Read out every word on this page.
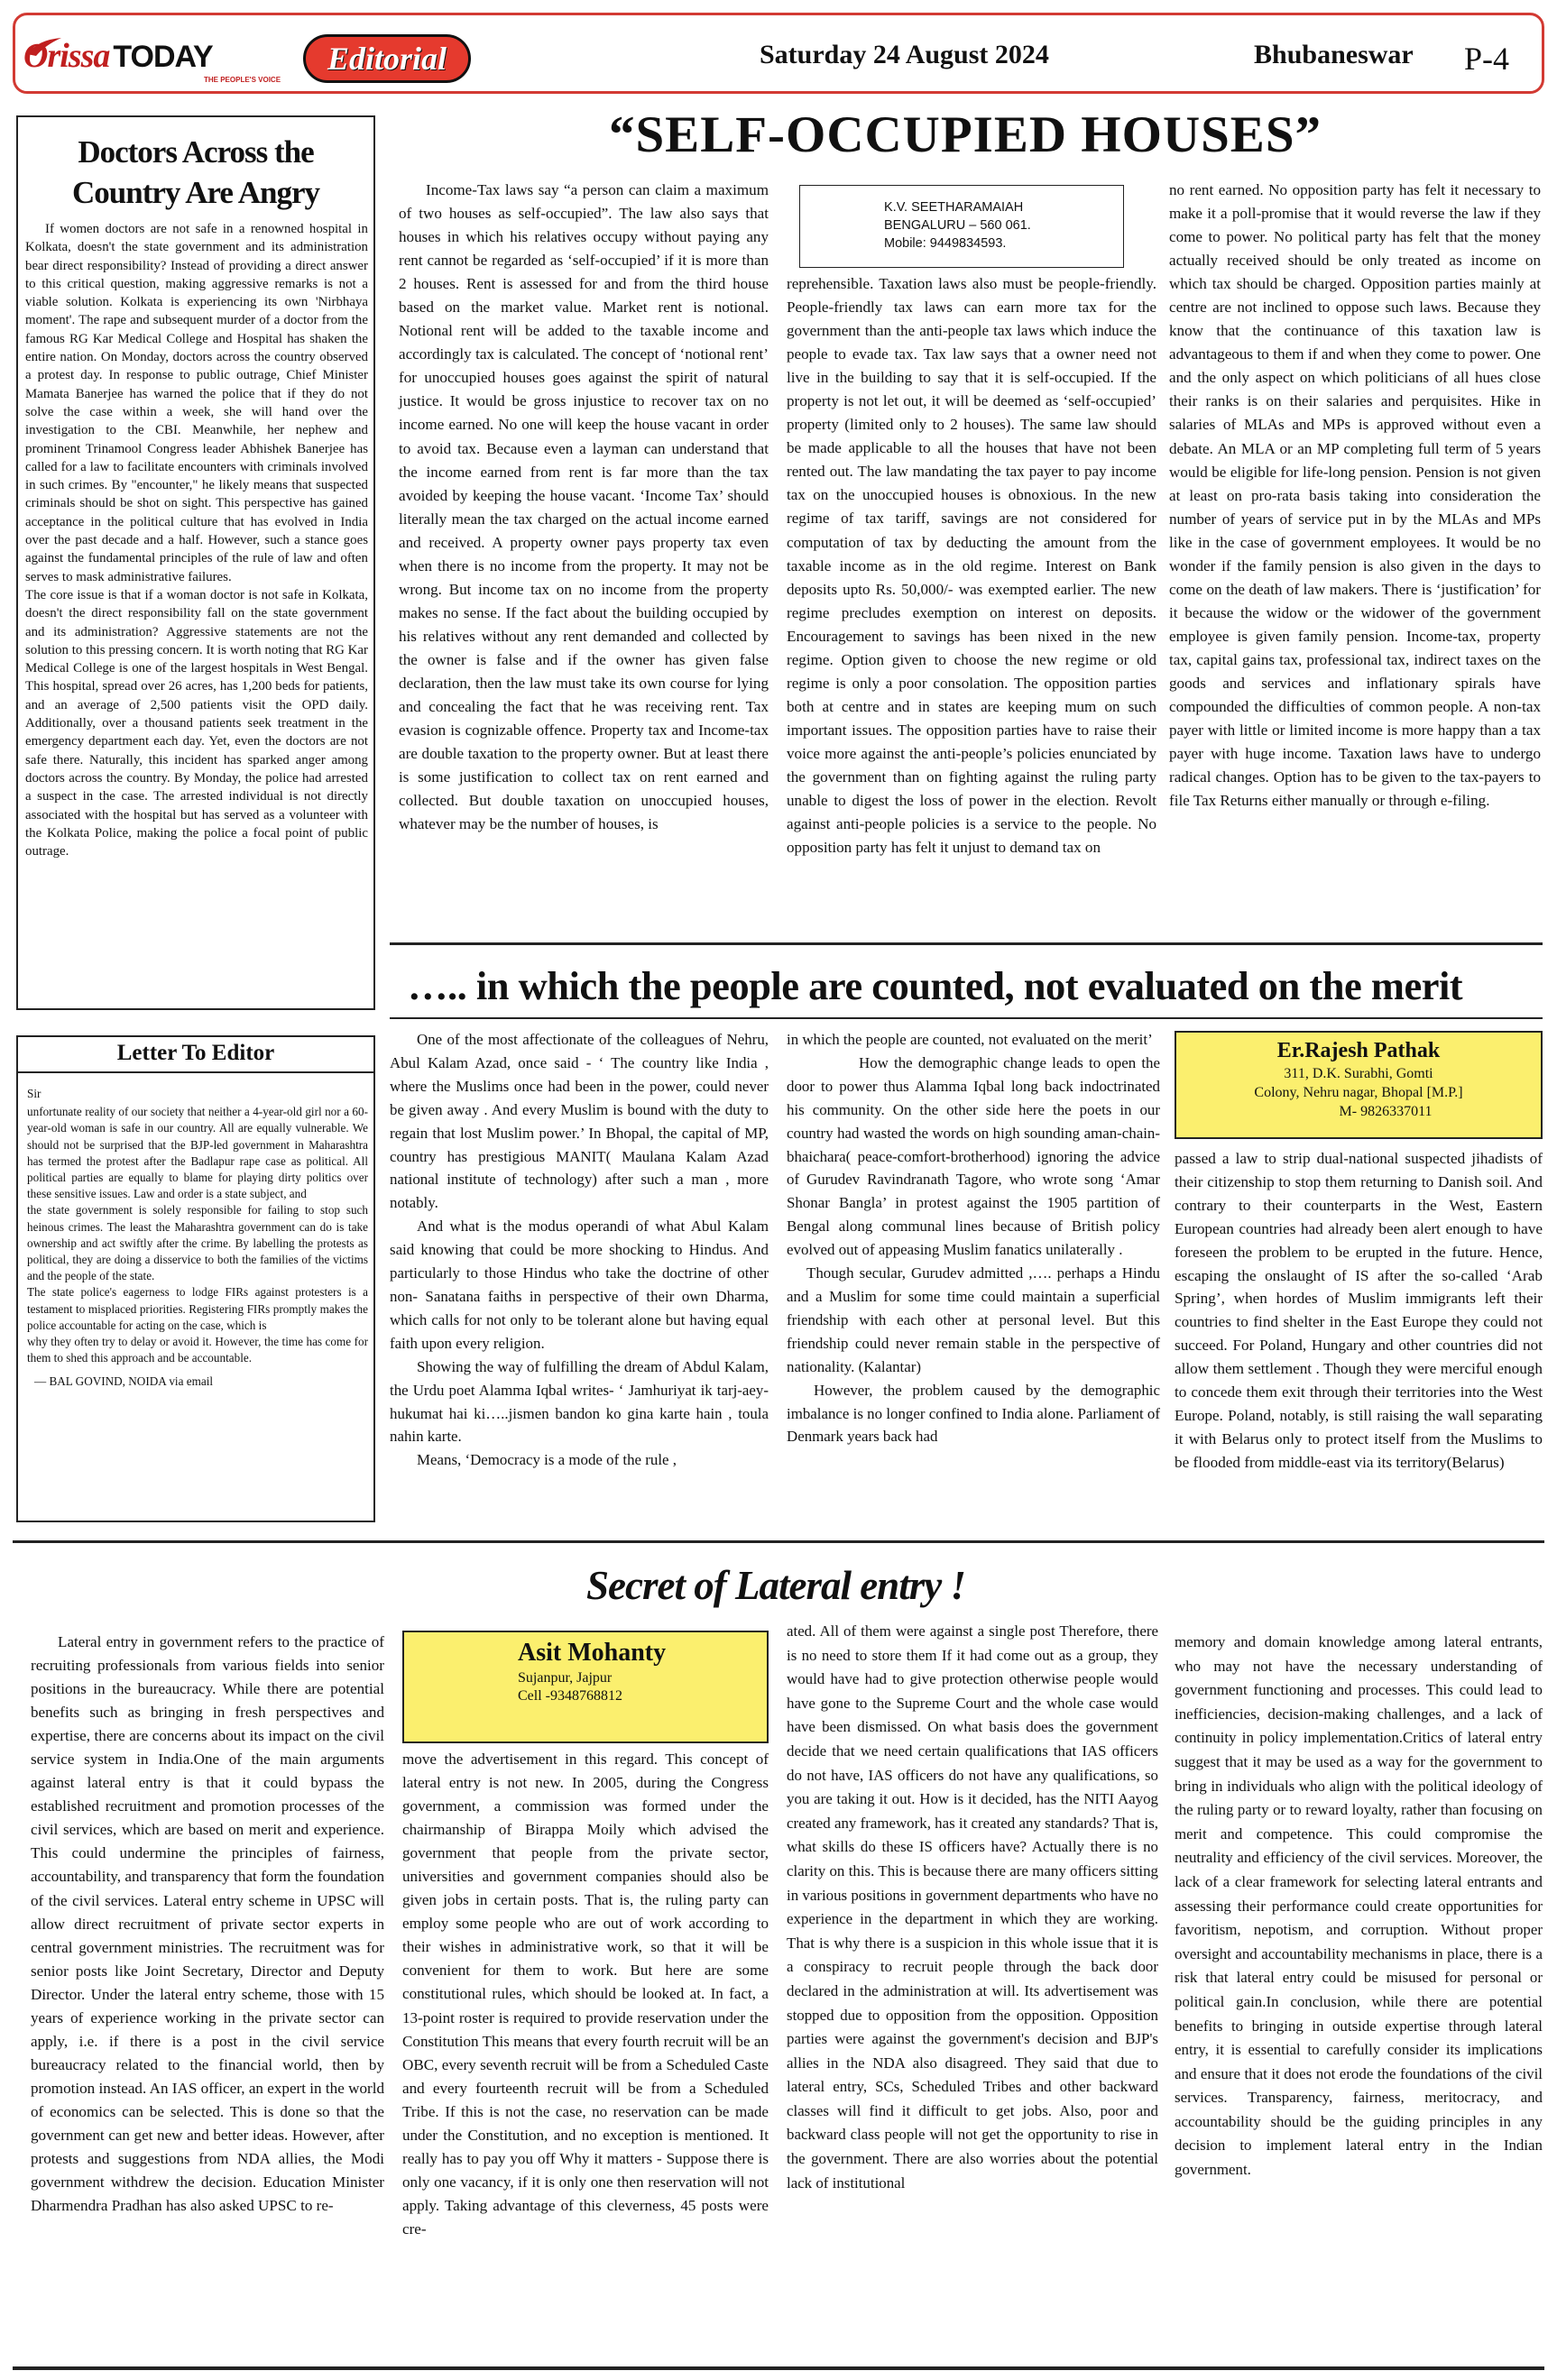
Orissa TODAY
THE PEOPLE'S VOICE
Editorial	Saturday 24 August 2024	Bhubaneswar P-4
Doctors Across the
Country Are Angry

If women doctors are not safe in a renowned hospital in Kolkata, doesn't the state government and its administration bear direct responsibility? Instead of providing a direct answer to this critical question, making aggressive remarks is not a viable solution. Kolkata is experiencing its own 'Nirbhaya moment'. The rape and subsequent murder of a doctor from the famous RG Kar Medical College and Hospital has shaken the entire nation. On Monday, doctors across the country observed a protest day. In response to public outrage, Chief Minister Mamata Banerjee has warned the police that if they do not solve the case within a week, she will hand over the investigation to the CBI. Meanwhile, her nephew and prominent Trinamool Congress leader Abhishek Banerjee has called for a law to facilitate encounters with criminals involved in such crimes. By "encounter," he likely means that suspected criminals should be shot on sight. This perspective has gained acceptance in the political culture that has evolved in India over the past decade and a half. However, such a stance goes against the fundamental principles of the rule of law and often serves to mask administrative failures.

The core issue is that if a woman doctor is not safe in Kolkata, doesn't the direct responsibility fall on the state government and its administration? Aggressive statements are not the solution to this pressing concern. It is worth noting that RG Kar Medical College is one of the largest hospitals in West Bengal. This hospital, spread over 26 acres, has 1,200 beds for patients, and an average of 2,500 patients visit the OPD daily. Additionally, over a thousand patients seek treatment in the emergency department each day. Yet, even the doctors are not safe there. Naturally, this incident has sparked anger among doctors across the country. By Monday, the police had arrested a suspect in the case. The arrested individual is not directly associated with the hospital but has served as a volunteer with the Kolkata Police, making the police a focal point of public outrage.

Letter To Editor

Sir

unfortunate reality of our society that neither a 4-year-old girl nor a 60-year-old woman is safe in our country. All are equally vulnerable. We should not be surprised that the BJP-led government in Maharashtra has termed the protest after the Badlapur rape case as political. All political parties are equally to blame for playing dirty politics over these sensitive issues. Law and order is a state subject, and

the state government is solely responsible for failing to stop such heinous crimes. The least the Maharashtra government can do is take ownership and act swiftly after the crime. By labelling the protests as political, they are doing a disservice to both the families of the victims and the people of the state.

The state police's eagerness to lodge FIRs against protesters is a testament to misplaced priorities. Registering FIRs promptly makes the police accountable for acting on the case, which is

why they often try to delay or avoid it. However, the time has come for them to shed this approach and be accountable.

— BAL GOVIND, NOIDA via email

“SELF-OCCUPIED HOUSES”

Income-Tax laws say “a person can claim a maximum of two houses as self-occupied”. The law also says that houses in which his relatives occupy without paying any rent cannot be regarded as ‘self-occupied’ if it is more than 2 houses. Rent is assessed for and from the third house based on the market value. Market rent is notional. Notional rent will be added to the taxable income and accordingly tax is calculated. The concept of ‘notional rent’ for unoccupied houses goes against the spirit of natural justice. It would be gross injustice to recover tax on no income earned. No one will keep the house vacant in order to avoid tax. Because even a layman can understand that the income earned from rent is far more than the tax avoided by keeping the house vacant. ‘Income Tax’ should literally mean the tax charged on the actual income earned and received. A property owner pays property tax even when there is no income from the property. It may not be wrong. But income tax on no income from the property makes no sense. If the fact about the building occupied by his relatives without any rent demanded and collected by the owner is false and if the owner has given false declaration, then the law must take its own course for lying and concealing the fact that he was receiving rent. Tax evasion is cognizable offence. Property tax and Income-tax are double taxation to the property owner. But at least there is some justification to collect tax on rent earned and collected. But double taxation on unoccupied houses, whatever may be the number of houses, is

K.V. SEETHARAMAIAH
BENGALURU – 560 061.
Mobile: 9449834593.

reprehensible. Taxation laws also must be people-friendly. People-friendly tax laws can earn more tax for the government than the anti-people tax laws which induce the people to evade tax. Tax law says that a owner need not live in the building to say that it is self-occupied. If the property is not let out, it will be deemed as ‘self-occupied’ property (limited only to 2 houses). The same law should be made applicable to all the houses that have not been rented out. The law mandating the tax payer to pay income tax on the unoccupied houses is obnoxious. In the new regime of tax tariff, savings are not considered for computation of tax by deducting the amount from the taxable income as in the old regime. Interest on Bank deposits upto Rs. 50,000/- was exempted earlier. The new regime precludes exemption on interest on deposits. Encouragement to savings has been nixed in the new regime. Option given to choose the new regime or old regime is only a poor consolation. The opposition parties both at centre and in states are keeping mum on such important issues. The opposition parties have to raise their voice more against the anti-people’s policies enunciated by the government than on fighting against the ruling party unable to digest the loss of power in the election. Revolt against anti-people policies is a service to the people. No opposition party has felt it unjust to demand tax on

no rent earned. No opposition party has felt it necessary to make it a poll-promise that it would reverse the law if they come to power. No political party has felt that the money actually received should be only treated as income on which tax should be charged. Opposition parties mainly at centre are not inclined to oppose such laws. Because they know that the continuance of this taxation law is advantageous to them if and when they come to power. One and the only aspect on which politicians of all hues close their ranks is on their salaries and perquisites. Hike in salaries of MLAs and MPs is approved without even a debate. An MLA or an MP completing full term of 5 years would be eligible for life-long pension. Pension is not given at least on pro-rata basis taking into consideration the number of years of service put in by the MLAs and MPs like in the case of government employees. It would be no wonder if the family pension is also given in the days to come on the death of law makers. There is ‘justification’ for it because the widow or the widower of the government employee is given family pension. Income-tax, property tax, capital gains tax, professional tax, indirect taxes on the goods and services and inflationary spirals have compounded the difficulties of common people. A non-tax payer with little or limited income is more happy than a tax payer with huge income. Taxation laws have to undergo radical changes. Option has to be given to the tax-payers to file Tax Returns either manually or through e-filing.

….. in which the people are counted, not evaluated on the merit

One of the most affectionate of the colleagues of Nehru, Abul Kalam Azad, once said - ‘ The country like India , where the Muslims once had been in the power, could never be given away . And every Muslim is bound with the duty to regain that lost Muslim power.’ In Bhopal, the capital of MP, country has prestigious MANIT( Maulana Kalam Azad national institute of technology) after such a man , more notably.

And what is the modus operandi of what Abul Kalam said knowing that could be more shocking to Hindus. And particularly to those Hindus who take the doctrine of other non- Sanatana faiths in perspective of their own Dharma, which calls for not only to be tolerant alone but having equal faith upon every religion.

Showing the way of fulfilling the dream of Abdul Kalam, the Urdu poet Alamma Iqbal writes- ‘ Jamhuriyat ik tarj-aey-hukumat hai ki…..jismen bandon ko gina karte hain , toula nahin karte.

Means, ‘Democracy is a mode of the rule ,

in which the people are counted, not evaluated on the merit’

How the demographic change leads to open the door to power thus Alamma Iqbal long back indoctrinated his community. On the other side here the poets in our country had wasted the words on high sounding aman-chain-bhaichara( peace-comfort-brotherhood) ignoring the advice of Gurudev Ravindranath Tagore, who wrote song ‘Amar Shonar Bangla’ in protest against the 1905 partition of Bengal along communal lines because of British policy evolved out of appeasing Muslim fanatics unilaterally .

Though secular, Gurudev admitted ,…. perhaps a Hindu and a Muslim for some time could maintain a superficial friendship with each other at personal level. But this friendship could never remain stable in the perspective of nationality. (Kalantar)

However, the problem caused by the demographic imbalance is no longer confined to India alone. Parliament of Denmark years back had

Er.Rajesh Pathak
311, D.K. Surabhi, Gomti
Colony, Nehru nagar, Bhopal [M.P.]
M- 9826337011

passed a law to strip dual-national suspected jihadists of their citizenship to stop them returning to Danish soil. And contrary to their counterparts in the West, Eastern European countries had already been alert enough to have foreseen the problem to be erupted in the future. Hence, escaping the onslaught of IS after the so-called ‘Arab Spring’, when hordes of Muslim immigrants left their countries to find shelter in the East Europe they could not succeed. For Poland, Hungary and other countries did not allow them settlement . Though they were merciful enough to concede them exit through their territories into the West Europe. Poland, notably, is still raising the wall separating it with Belarus only to protect itself from the Muslims to be flooded from middle-east via its territory(Belarus)

Secret of Lateral entry !

Lateral entry in government refers to the practice of recruiting professionals from various fields into senior positions in the bureaucracy. While there are potential benefits such as bringing in fresh perspectives and expertise, there are concerns about its impact on the civil service system in India.One of the main arguments against lateral entry is that it could bypass the established recruitment and promotion processes of the civil services, which are based on merit and experience. This could undermine the principles of fairness, accountability, and transparency that form the foundation of the civil services. Lateral entry scheme in UPSC will allow direct recruitment of private sector experts in central government ministries. The recruitment was for senior posts like Joint Secretary, Director and Deputy Director. Under the lateral entry scheme, those with 15 years of experience working in the private sector can apply, i.e. if there is a post in the civil service bureaucracy related to the financial world, then by promotion instead. An IAS officer, an expert in the world of economics can be selected. This is done so that the government can get new and better ideas. However, after protests and suggestions from NDA allies, the Modi government withdrew the decision. Education Minister Dharmendra Pradhan has also asked UPSC to re-

Asit Mohanty
Sujanpur, Jajpur
Cell -9348768812

move the advertisement in this regard. This concept of lateral entry is not new. In 2005, during the Congress government, a commission was formed under the chairmanship of Birappa Moily which advised the government that people from the private sector, universities and government companies should also be given jobs in certain posts. That is, the ruling party can employ some people who are out of work according to their wishes in administrative work, so that it will be convenient for them to work. But here are some constitutional rules, which should be looked at. In fact, a 13-point roster is required to provide reservation under the Constitution This means that every fourth recruit will be an OBC, every seventh recruit will be from a Scheduled Caste and every fourteenth recruit will be from a Scheduled Tribe. If this is not the case, no reservation can be made under the Constitution, and no exception is mentioned. It really has to pay you off Why it matters - Suppose there is only one vacancy, if it is only one then reservation will not apply. Taking advantage of this cleverness, 45 posts were cre-

ated. All of them were against a single post Therefore, there is no need to store them If it had come out as a group, they would have had to give protection otherwise people would have gone to the Supreme Court and the whole case would have been dismissed. On what basis does the government decide that we need certain qualifications that IAS officers do not have, IAS officers do not have any qualifications, so you are taking it out. How is it decided, has the NITI Aayog created any framework, has it created any standards? That is, what skills do these IS officers have? Actually there is no clarity on this. This is because there are many officers sitting in various positions in government departments who have no experience in the department in which they are working. That is why there is a suspicion in this whole issue that it is a conspiracy to recruit people through the back door declared in the administration at will. Its advertisement was stopped due to opposition from the opposition. Opposition parties were against the government's decision and BJP's allies in the NDA also disagreed. They said that due to lateral entry, SCs, Scheduled Tribes and other backward classes will find it difficult to get jobs. Also, poor and backward class people will not get the opportunity to rise in the government. There are also worries about the potential lack of institutional

memory and domain knowledge among lateral entrants, who may not have the necessary understanding of government functioning and processes. This could lead to inefficiencies, decision-making challenges, and a lack of continuity in policy implementation.Critics of lateral entry suggest that it may be used as a way for the government to bring in individuals who align with the political ideology of the ruling party or to reward loyalty, rather than focusing on merit and competence. This could compromise the neutrality and efficiency of the civil services. Moreover, the lack of a clear framework for selecting lateral entrants and assessing their performance could create opportunities for favoritism, nepotism, and corruption. Without proper oversight and accountability mechanisms in place, there is a risk that lateral entry could be misused for personal or political gain.In conclusion, while there are potential benefits to bringing in outside expertise through lateral entry, it is essential to carefully consider its implications and ensure that it does not erode the foundations of the civil services. Transparency, fairness, meritocracy, and accountability should be the guiding principles in any decision to implement lateral entry in the Indian government.
